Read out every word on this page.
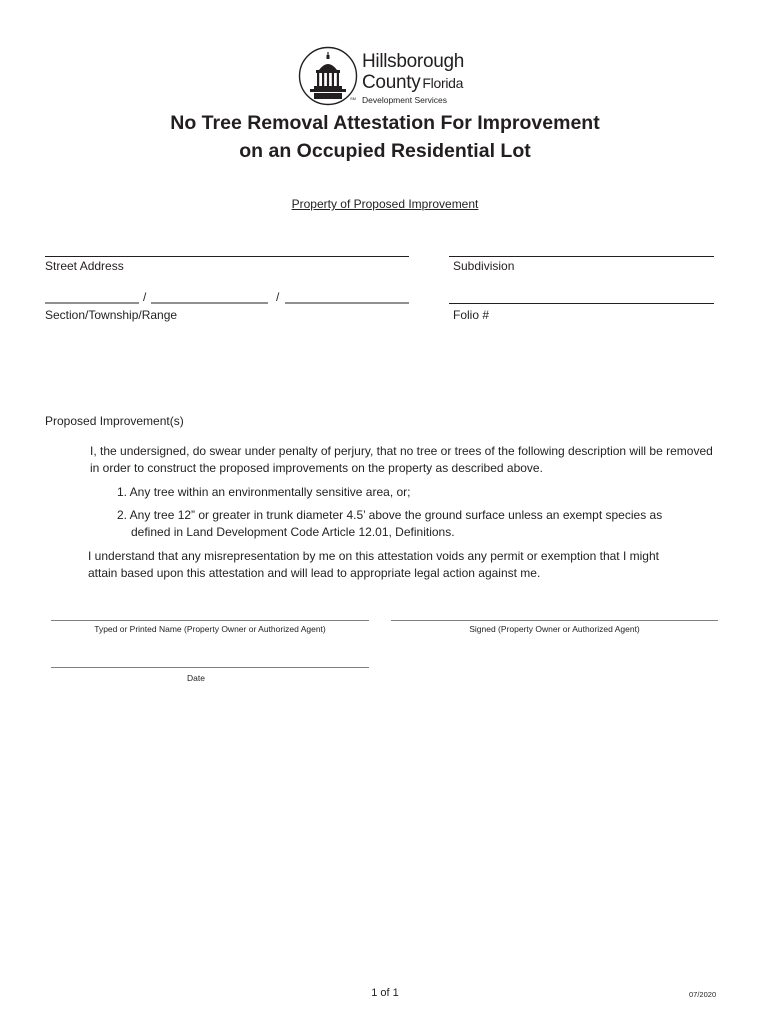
SM
Hillsborough
County Florida
Development Services
No Tree Removal Attestation For Improvement
on an Occupied Residential Lot
Property of Proposed Improvement
Street Address	Subdivision
/	/
Section/Township/Range	Folio #
Proposed Improvement(s)
I, the undersigned, do swear under penalty of perjury, that no tree or trees of the following description will be removed in order to construct the proposed improvements on the property as described above.
1. Any tree within an environmentally sensitive area, or;
2. Any tree 12” or greater in trunk diameter 4.5’ above the ground surface unless an exempt species as
defined in Land Development Code Article 12.01, Definitions.
I understand that any misrepresentation by me on this attestation voids any permit or exemption that I might attain based upon this attestation and will lead to appropriate legal action against me.
Typed or Printed Name (Property Owner or Authorized Agent)	Signed (Property Owner or Authorized Agent)
Date
1 of 1	07/2020
